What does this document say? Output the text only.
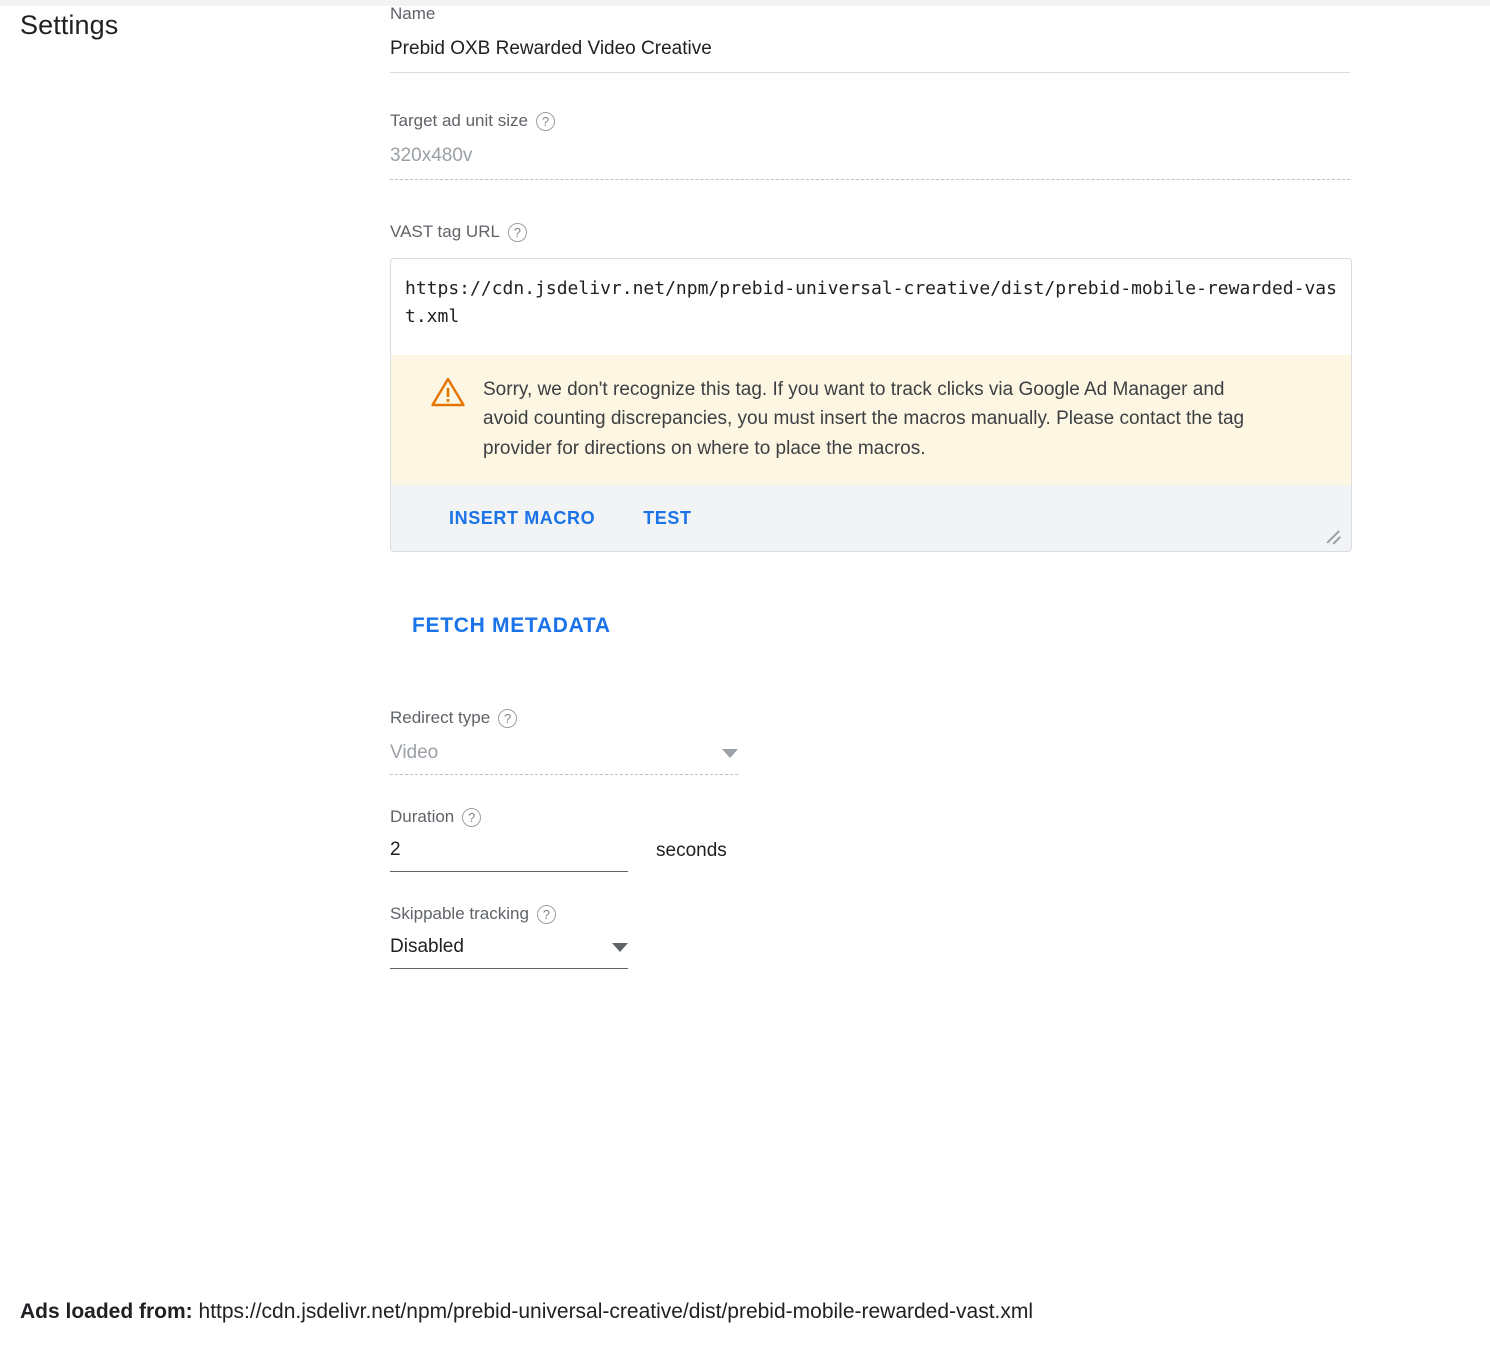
Settings	Name
Prebid OXB Rewarded Video Creative
Target ad unit size	?
320x480v
VAST tag URL	?
https://cdn.jsdelivr.net/npm/prebid-universal-creative/dist/prebid-mobile-rewarded-vast.xml
Sorry, we don't recognize this tag. If you want to track clicks via Google Ad Manager and avoid counting discrepancies, you must insert the macros manually. Please contact the tag provider for directions on where to place the macros.
INSERT MACRO	TEST
FETCH METADATA
Redirect type	?
Video
Duration	?
2	seconds
Skippable tracking	?
Disabled
Ads loaded from: https://cdn.jsdelivr.net/npm/prebid-universal-creative/dist/prebid-mobile-rewarded-vast.xml
